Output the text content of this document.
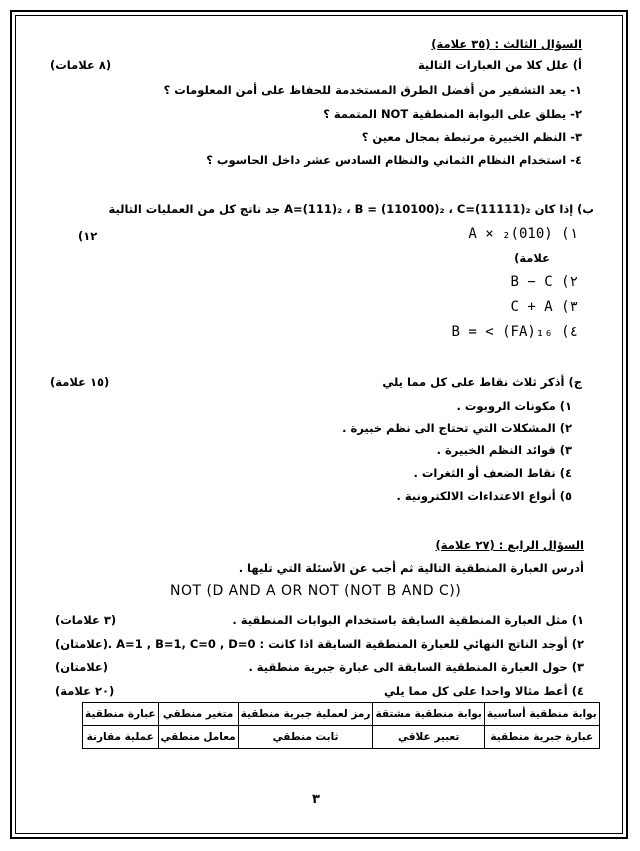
السؤال الثالث : (٣٥ علامة)
أ) علل كلا من العبارات التالية
(٨ علامات)
١- يعد التشفير من أفضل الطرق المستخدمة للحفاظ على أمن المعلومات ؟
٢- يطلق على البوابة المنطقية NOT المتممة ؟
٣- النظم الخبيرة مرتبطة بمجال معين ؟
٤- استخدام النظام الثماني والنظام السادس عشر داخل الحاسوب ؟
ب) إذا كان A=(111)₂ ، B = (110100)₂ ، C=(11111)₂ جد ناتج كل من العمليات التالية
١٢)	١) (010)₂ × A
علامة)
٢) B − C
٣) C + A
٤) B = < (FA)₁₆
ج) أذكر ثلاث نقاط على كل مما يلي
(١٥ علامة)
١) مكونات الروبوت .
٢) المشكلات التي تحتاج الى نظم خبيرة .
٣) فوائد النظم الخبيرة .
٤) نقاط الضعف أو الثغرات .
٥) أنواع الاعتداءات الالكترونية .
السؤال الرابع : (٢٧ علامة)
أدرس العبارة المنطقية التالية ثم أجب عن الأسئلة التي تليها .
NOT (D AND A OR NOT (NOT B AND C))
١) مثل العبارة المنطقية السابقة باستخدام البوابات المنطقية .
(٣ علامات)
٢) أوجد الناتج النهائي للعبارة المنطقية السابقة اذا كانت : A=1 , B=1, C=0 , D=0 .
(علامتان)
٣) حول العبارة المنطقية السابقة الى عبارة جبرية منطقية .
(علامتان)
٤) أعط مثالا واحدا على كل مما يلي
(٢٠ علامة)
بوابة منطقية أساسية	بوابة منطقية مشتقة	رمز لعملية جبرية منطقية	متغير منطقي	عبارة منطقية
عبارة جبرية منطقية	تعبير علاقي	ثابت منطقي	معامل منطقي	عملية مقارنة
٣
